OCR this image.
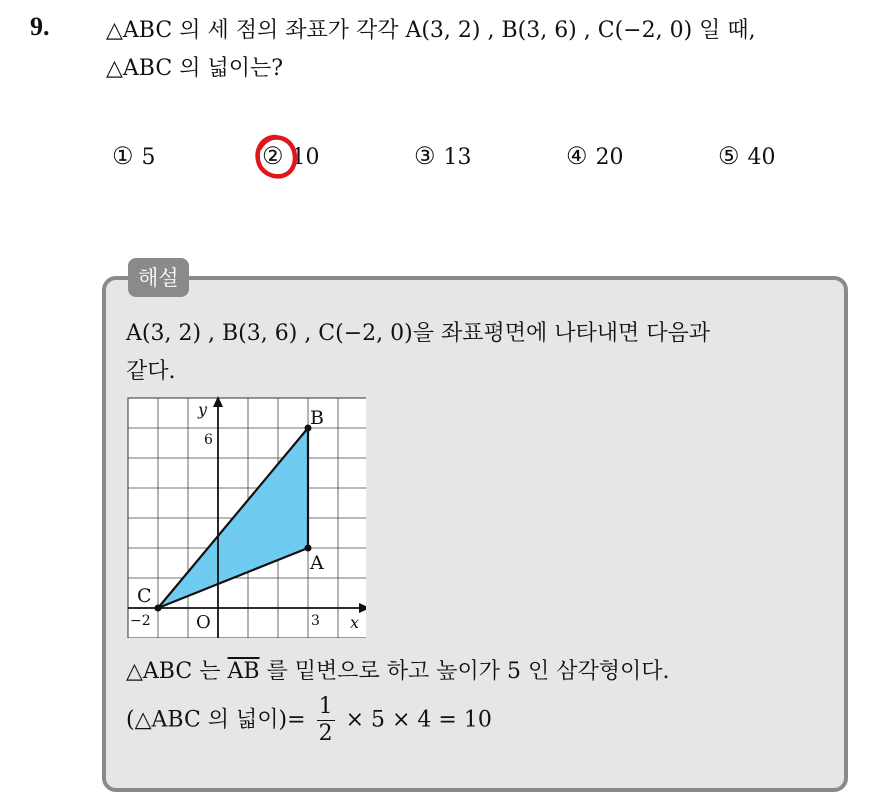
9.	△ABC 의 세 점의 좌표가 각각 A(3, 2) , B(3, 6) , C(−2, 0) 일 때,
△ABC 의 넓이는?
① 5	② 10	③ 13	④ 20	⑤ 40
해설
A(3, 2) , B(3, 6) , C(−2, 0)을 좌표평면에 나타내면 다음과
같다.
B
A
C
O
−2	3
6
y
x
△ABC 는 $\overline{AB}$ 를 밑변으로 하고 높이가 5 인 삼각형이다.
(△ABC 의 넓이)= $\frac{1}{2} \times 5 \times 4 = 10$
